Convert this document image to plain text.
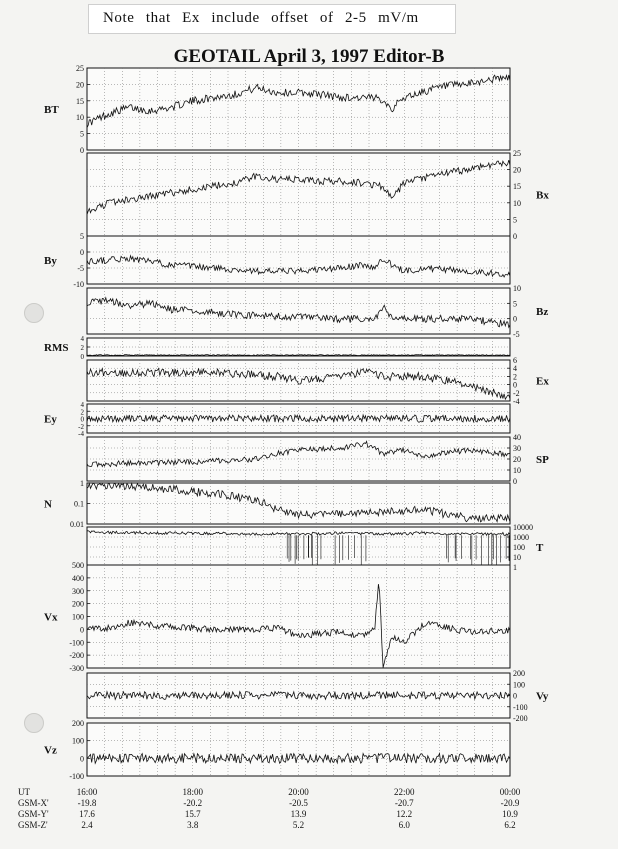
Note that Ex include offset of 2-5 mV/m
GEOTAIL April 3, 1997 Editor-B
0
5
10
15
20
25
BT
0
5
10
15
20
25
Bx
-10
-5
0
5
By
-5
0
5
10
Bz
0
2
4
RMS
-4
-2
0
2
4
6
Ex
-4
-2
0
2
4
Ey
0
10
20
30
40
SP
0.01
0.1
1
N
1
10
100
1000
10000
T
-300
-200
-100
0
100
200
300
400
500
Vx
-200
-100
0
100
200
Vy
-100
0
100
200
Vz
UT	16:00	18:00	20:00	22:00	00:00
GSM-X'	-19.8	-20.2	-20.5	-20.7	-20.9
GSM-Y'	17.6	15.7	13.9	12.2	10.9
GSM-Z'	2.4	3.8	5.2	6.0	6.2
